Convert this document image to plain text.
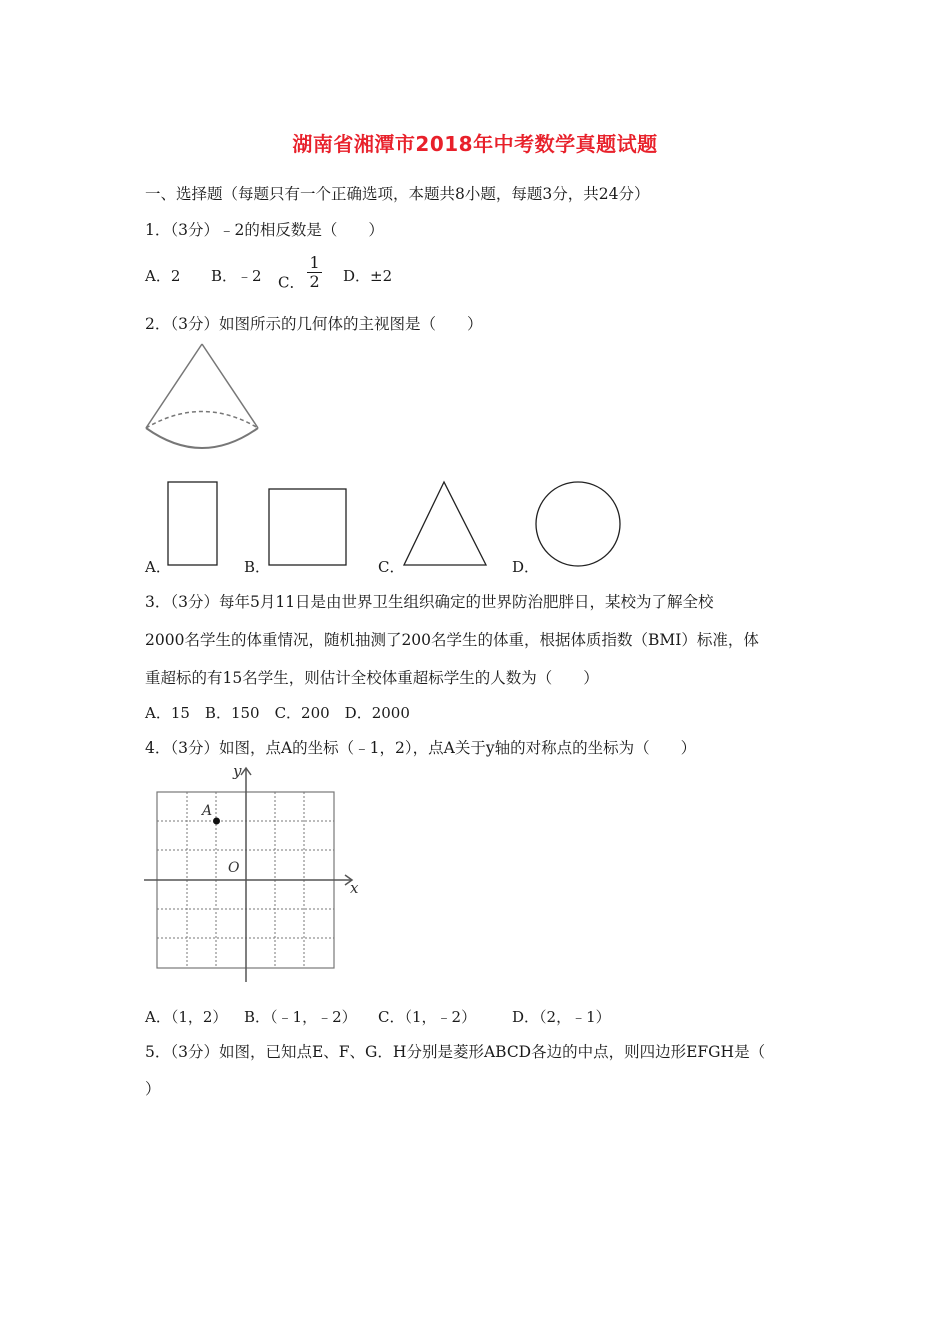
湖南省湘潭市2018年中考数学真题试题
一、选择题（每题只有一个正确选项，本题共8小题，每题3分，共24分）
1．（3分）﹣2的相反数是（　　）
A．2 B．﹣2 C． $\frac{1}{2}$ D．±2
2．（3分）如图所示的几何体的主视图是（　　）
A．	B．	C．	D．
3．（3分）每年5月11日是由世界卫生组织确定的世界防治肥胖日，某校为了解全校
2000名学生的体重情况，随机抽测了200名学生的体重，根据体质指数（BMI）标准，体
重超标的有15名学生，则估计全校体重超标学生的人数为（　　）
A．15　B．150　C．200　D．2000
4．（3分）如图，点A的坐标（﹣1，2），点A关于y轴的对称点的坐标为（　　）
y
x
O
A
A．（1，2） B．（﹣1，﹣2） C．（1，﹣2） D．（2，﹣1）
5．（3分）如图，已知点E、F、G．H分别是菱形ABCD各边的中点，则四边形EFGH是（
）
